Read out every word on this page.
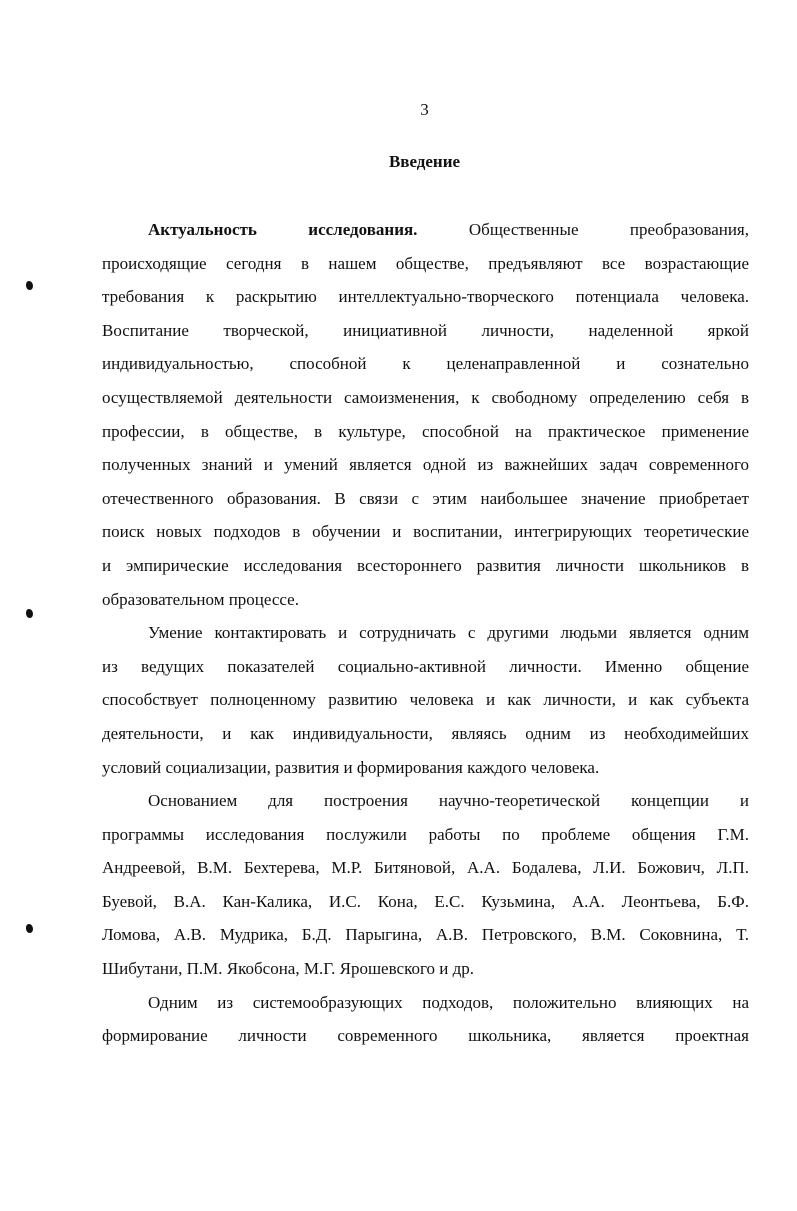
3
Введение
Актуальность	исследования.	Общественные преобразования,
происходящие сегодня в нашем обществе, предъявляют все возрастающие
требования к раскрытию интеллектуально-творческого потенциала человека.
Воспитание творческой, инициативной личности, наделенной яркой
индивидуальностью, способной к целенаправленной и сознательно
осуществляемой деятельности самоизменения, к свободному определению себя в
профессии, в обществе, в культуре, способной на практическое применение
полученных знаний и умений является одной из важнейших задач современного
отечественного образования. В связи с этим наибольшее значение приобретает
поиск новых подходов в обучении и воспитании, интегрирующих теоретические
и эмпирические исследования всестороннего развития личности школьников в
образовательном процессе.
Умение контактировать и сотрудничать с другими людьми является одним
из ведущих показателей социально-активной личности. Именно общение
способствует полноценному развитию человека и как личности, и как субъекта
деятельности, и как индивидуальности, являясь одним из необходимейших
условий социализации, развития и формирования каждого человека.
Основанием для построения научно-теоретической концепции и
программы исследования послужили работы по проблеме общения Г.М.
Андреевой, В.М. Бехтерева, М.Р. Битяновой, А.А. Бодалева, Л.И. Божович, Л.П.
Буевой, В.А. Кан-Калика, И.С. Кона, Е.С. Кузьмина, А.А. Леонтьева, Б.Ф.
Ломова, А.В. Мудрика, Б.Д. Парыгина, А.В. Петровского, В.М. Соковнина, Т.
Шибутани, П.М. Якобсона, М.Г. Ярошевского и др.
Одним из системообразующих подходов, положительно влияющих на
формирование личности современного школьника, является проектная
